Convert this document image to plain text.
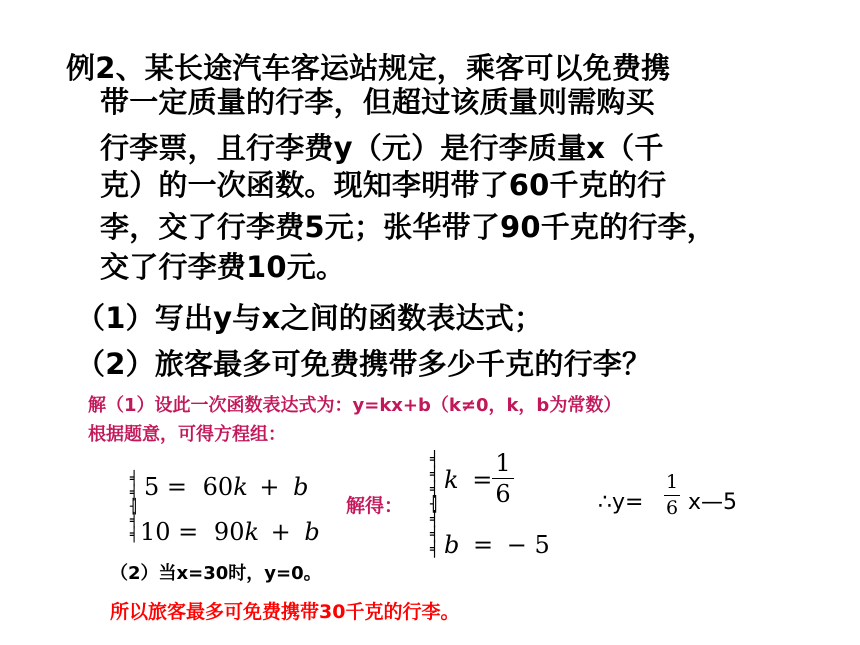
例2、某长途汽车客运站规定，乘客可以免费携
带一定质量的行李，但超过该质量则需购买
行李票，且行李费y（元）是行李质量x（千
克）的一次函数。现知李明带了60千克的行
李，交了行李费5元；张华带了90千克的行李，
交了行李费10元。
（1）写出y与x之间的函数表达式；
（2）旅客最多可免费携带多少千克的行李？
解（1）设此一次函数表达式为：y=kx+b（k≠0，k，b为常数）
根据题意，可得方程组：
╡
╡
╢
╡
╡
5 = 60k + b
10 = 90k + b
解得：
╡
╡
╡
╢
╡
╡
╡
k =
1
6
b = − 5
∴y=
1
6 x—5
（2）当x=30时，y=0。
所以旅客最多可免费携带30千克的行李。
